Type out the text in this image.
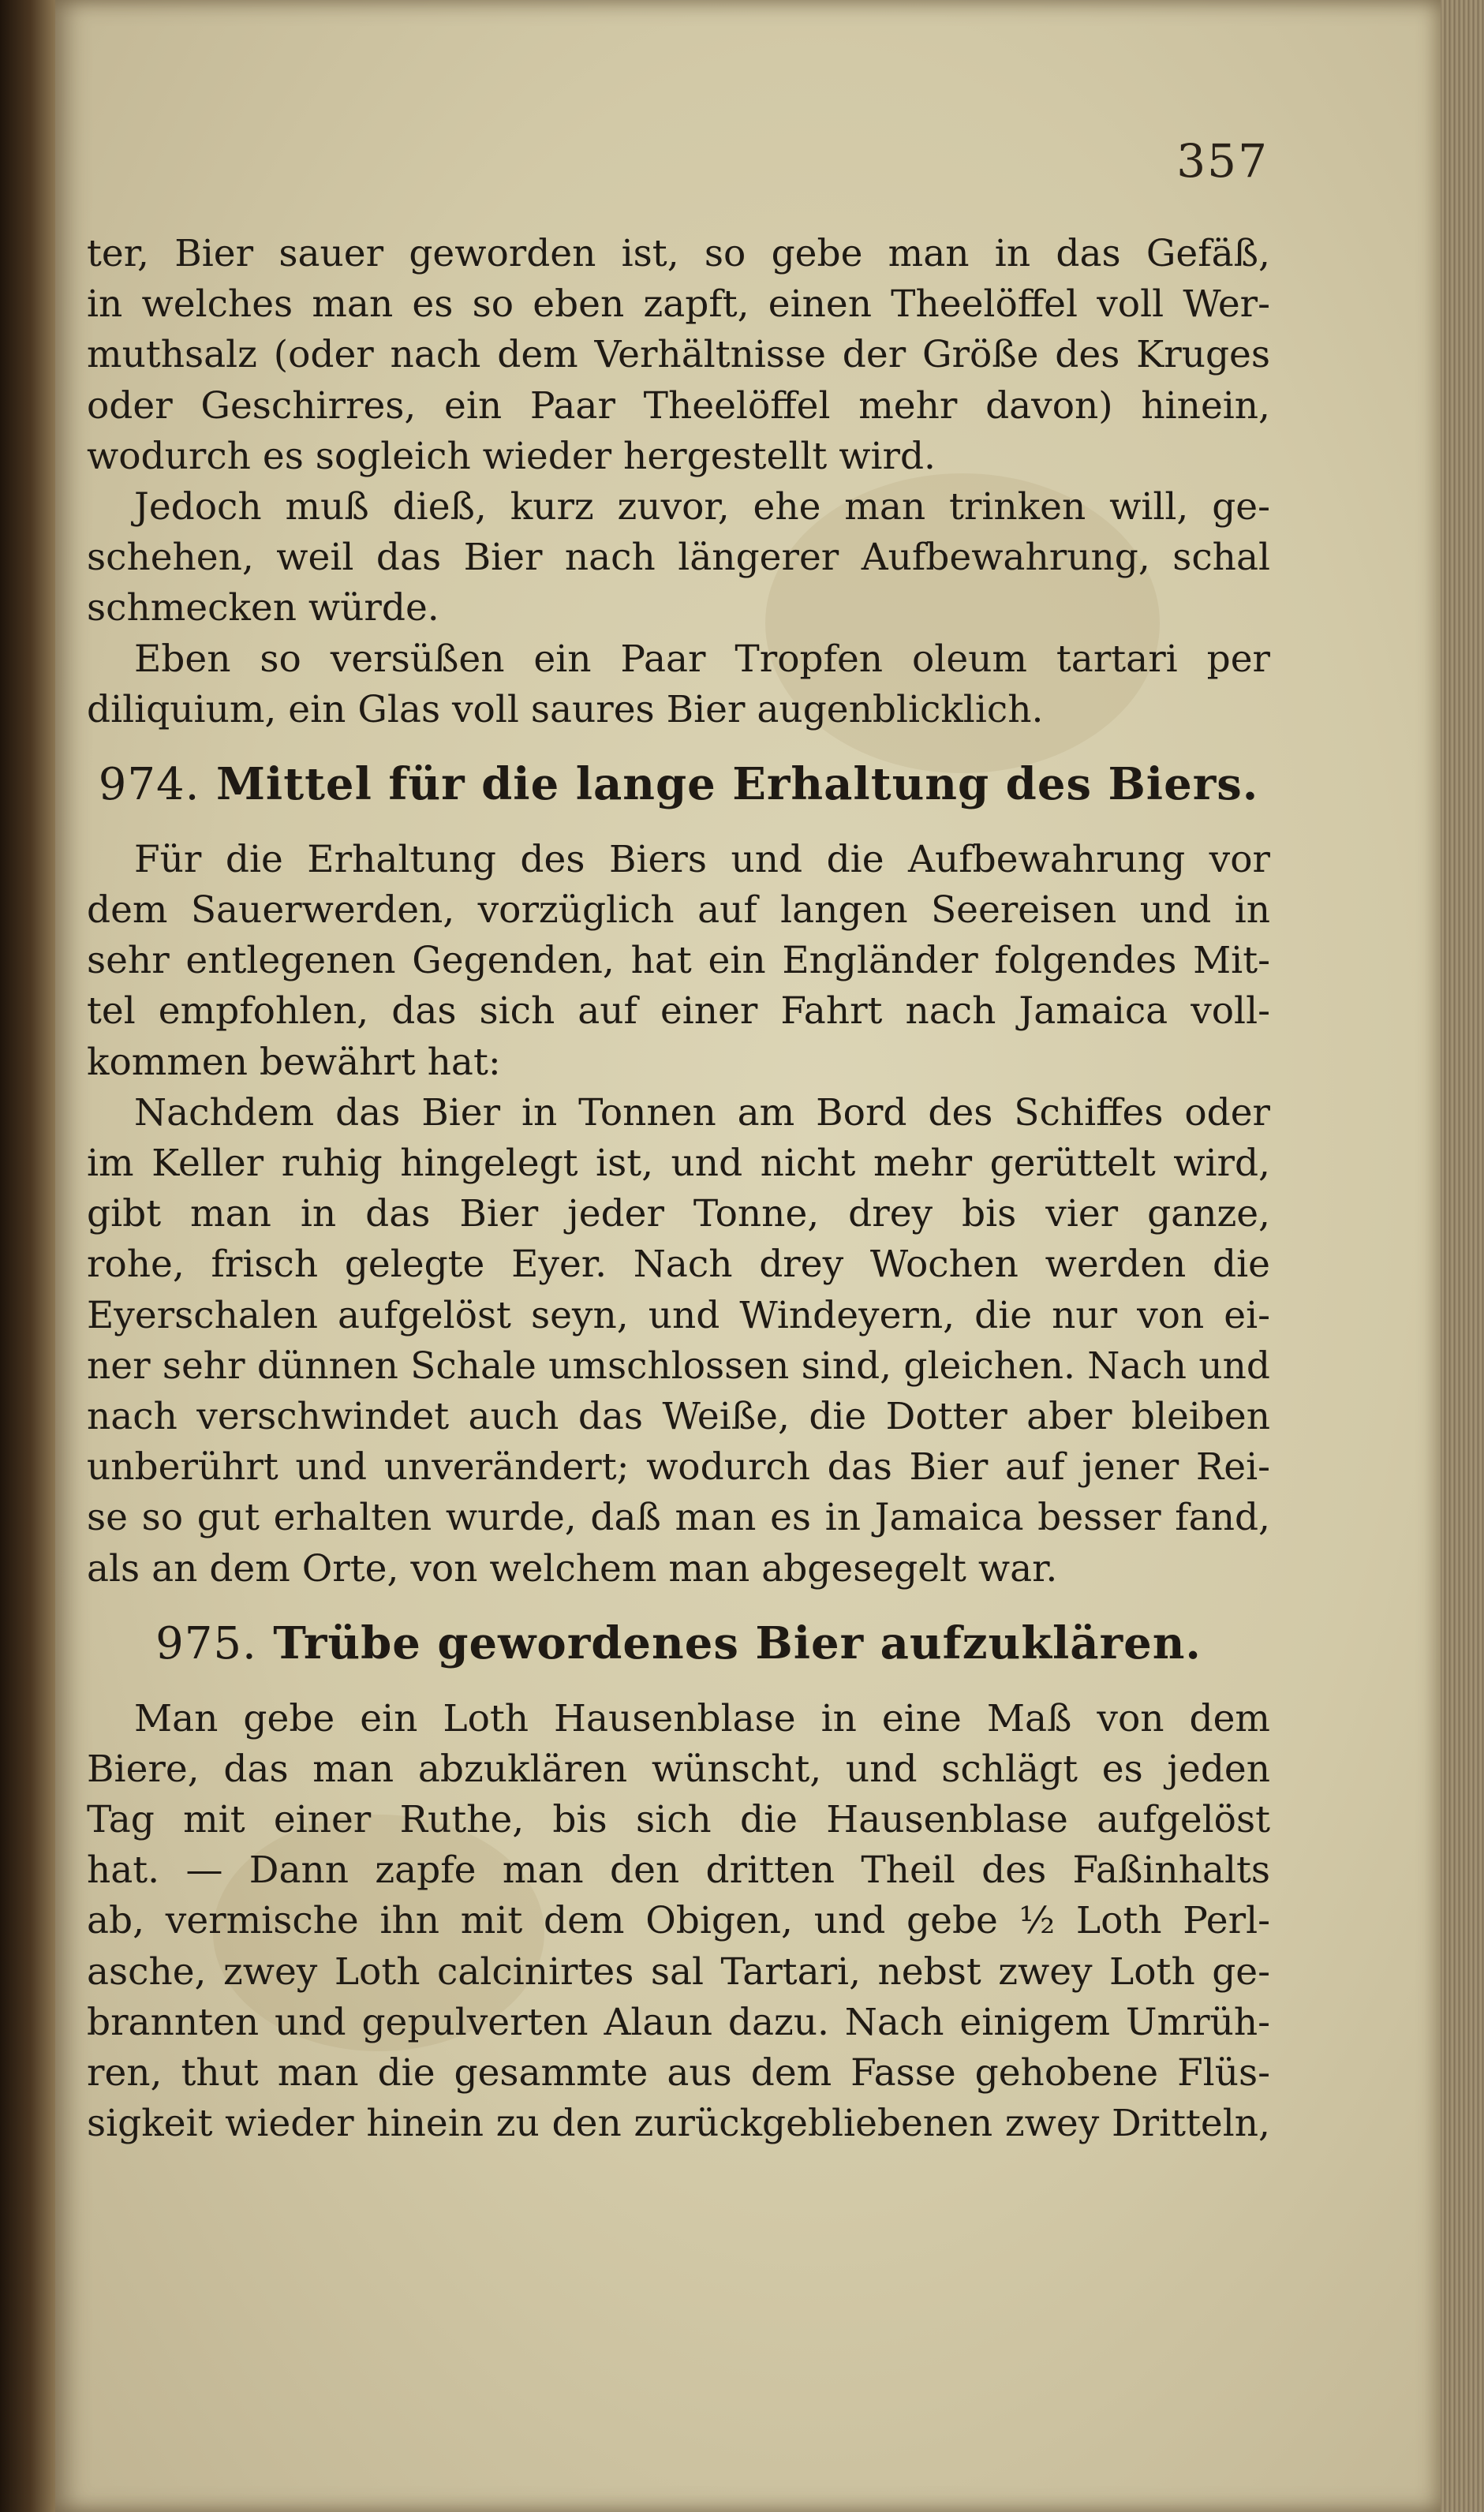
357
ter, Bier sauer geworden ist, so gebe man in das Gefäß,
in welches man es so eben zapft, einen Theelöffel voll Wer-
muthsalz (oder nach dem Verhältnisse der Größe des Kruges
oder Geschirres, ein Paar Theelöffel mehr davon) hinein,
wodurch es sogleich wieder hergestellt wird.
Jedoch muß dieß, kurz zuvor, ehe man trinken will, ge-
schehen, weil das Bier nach längerer Aufbewahrung, schal
schmecken würde.
Eben so versüßen ein Paar Tropfen oleum tartari per
diliquium, ein Glas voll saures Bier augenblicklich.
974. Mittel für die lange Erhaltung des Biers.
Für die Erhaltung des Biers und die Aufbewahrung vor
dem Sauerwerden, vorzüglich auf langen Seereisen und in
sehr entlegenen Gegenden, hat ein Engländer folgendes Mit-
tel empfohlen, das sich auf einer Fahrt nach Jamaica voll-
kommen bewährt hat:
Nachdem das Bier in Tonnen am Bord des Schiffes oder
im Keller ruhig hingelegt ist, und nicht mehr gerüttelt wird,
gibt man in das Bier jeder Tonne, drey bis vier ganze,
rohe, frisch gelegte Eyer. Nach drey Wochen werden die
Eyerschalen aufgelöst seyn, und Windeyern, die nur von ei-
ner sehr dünnen Schale umschlossen sind, gleichen. Nach und
nach verschwindet auch das Weiße, die Dotter aber bleiben
unberührt und unverändert; wodurch das Bier auf jener Rei-
se so gut erhalten wurde, daß man es in Jamaica besser fand,
als an dem Orte, von welchem man abgesegelt war.
975. Trübe gewordenes Bier aufzuklären.
Man gebe ein Loth Hausenblase in eine Maß von dem
Biere, das man abzuklären wünscht, und schlägt es jeden
Tag mit einer Ruthe, bis sich die Hausenblase aufgelöst
hat. — Dann zapfe man den dritten Theil des Faßinhalts
ab, vermische ihn mit dem Obigen, und gebe ½ Loth Perl-
asche, zwey Loth calcinirtes sal Tartari, nebst zwey Loth ge-
brannten und gepulverten Alaun dazu. Nach einigem Umrüh-
ren, thut man die gesammte aus dem Fasse gehobene Flüs-
sigkeit wieder hinein zu den zurückgebliebenen zwey Dritteln,
